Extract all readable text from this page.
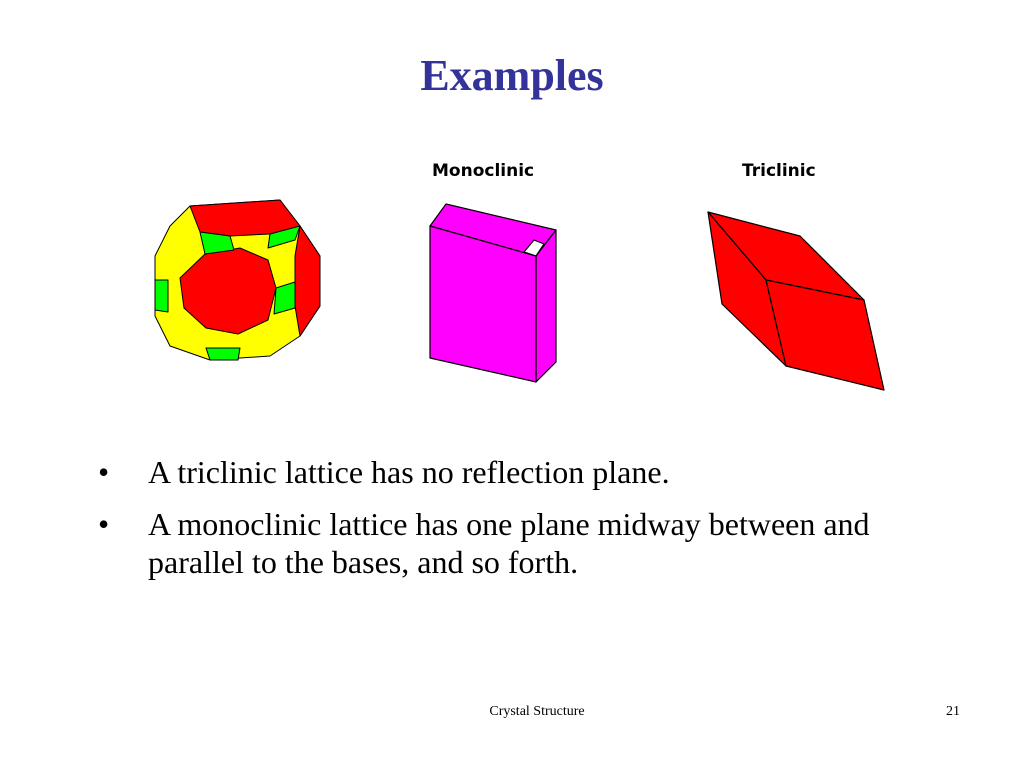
Examples
Monoclinic	Triclinic
• A triclinic lattice has no reflection plane.
• A monoclinic lattice has one plane midway between and parallel to the bases, and so forth.
Crystal Structure	21
